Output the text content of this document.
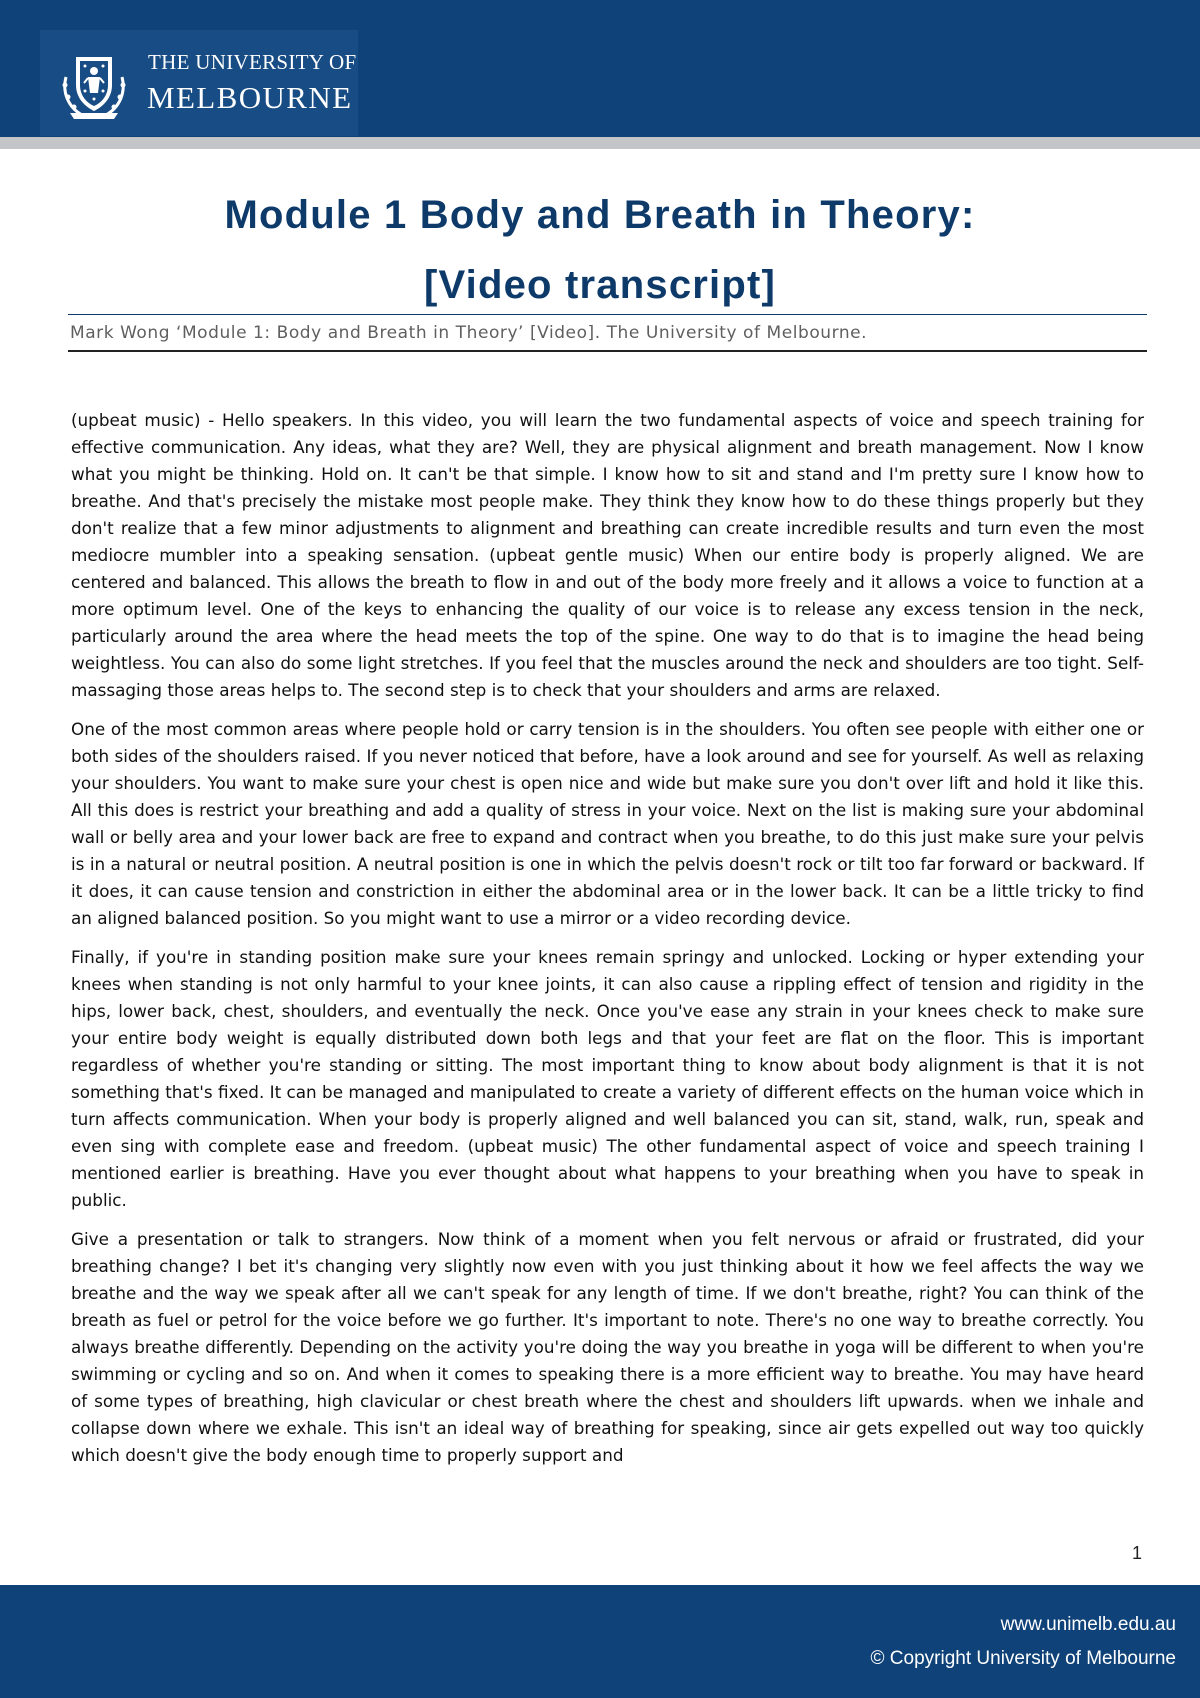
THE UNIVERSITY OF
MELBOURNE
Module 1 Body and Breath in Theory:
[Video transcript]
Mark Wong ‘Module 1: Body and Breath in Theory’ [Video]. The University of Melbourne.

(upbeat music) - Hello speakers. In this video, you will learn the two fundamental aspects of voice and speech training for effective communication. Any ideas, what they are? Well, they are physical alignment and breath management. Now I know what you might be thinking. Hold on. It can't be that simple. I know how to sit and stand and I'm pretty sure I know how to breathe. And that's precisely the mistake most people make. They think they know how to do these things properly but they don't realize that a few minor adjustments to alignment and breathing can create incredible results and turn even the most mediocre mumbler into a speaking sensation. (upbeat gentle music) When our entire body is properly aligned. We are centered and balanced. This allows the breath to flow in and out of the body more freely and it allows a voice to function at a more optimum level. One of the keys to enhancing the quality of our voice is to release any excess tension in the neck, particularly around the area where the head meets the top of the spine. One way to do that is to imagine the head being weightless. You can also do some light stretches. If you feel that the muscles around the neck and shoulders are too tight. Self-massaging those areas helps to. The second step is to check that your shoulders and arms are relaxed.

One of the most common areas where people hold or carry tension is in the shoulders. You often see people with either one or both sides of the shoulders raised. If you never noticed that before, have a look around and see for yourself. As well as relaxing your shoulders. You want to make sure your chest is open nice and wide but make sure you don't over lift and hold it like this. All this does is restrict your breathing and add a quality of stress in your voice. Next on the list is making sure your abdominal wall or belly area and your lower back are free to expand and contract when you breathe, to do this just make sure your pelvis is in a natural or neutral position. A neutral position is one in which the pelvis doesn't rock or tilt too far forward or backward. If it does, it can cause tension and constriction in either the abdominal area or in the lower back. It can be a little tricky to find an aligned balanced position. So you might want to use a mirror or a video recording device.

Finally, if you're in standing position make sure your knees remain springy and unlocked. Locking or hyper extending your knees when standing is not only harmful to your knee joints, it can also cause a rippling effect of tension and rigidity in the hips, lower back, chest, shoulders, and eventually the neck. Once you've ease any strain in your knees check to make sure your entire body weight is equally distributed down both legs and that your feet are flat on the floor. This is important regardless of whether you're standing or sitting. The most important thing to know about body alignment is that it is not something that's fixed. It can be managed and manipulated to create a variety of different effects on the human voice which in turn affects communication. When your body is properly aligned and well balanced you can sit, stand, walk, run, speak and even sing with complete ease and freedom. (upbeat music) The other fundamental aspect of voice and speech training I mentioned earlier is breathing. Have you ever thought about what happens to your breathing when you have to speak in public.

Give a presentation or talk to strangers. Now think of a moment when you felt nervous or afraid or frustrated, did your breathing change? I bet it's changing very slightly now even with you just thinking about it how we feel affects the way we breathe and the way we speak after all we can't speak for any length of time. If we don't breathe, right? You can think of the breath as fuel or petrol for the voice before we go further. It's important to note. There's no one way to breathe correctly. You always breathe differently. Depending on the activity you're doing the way you breathe in yoga will be different to when you're swimming or cycling and so on. And when it comes to speaking there is a more efficient way to breathe. You may have heard of some types of breathing, high clavicular or chest breath where the chest and shoulders lift upwards. when we inhale and collapse down where we exhale. This isn't an ideal way of breathing for speaking, since air gets expelled out way too quickly which doesn't give the body enough time to properly support and

1
www.unimelb.edu.au
© Copyright University of Melbourne
